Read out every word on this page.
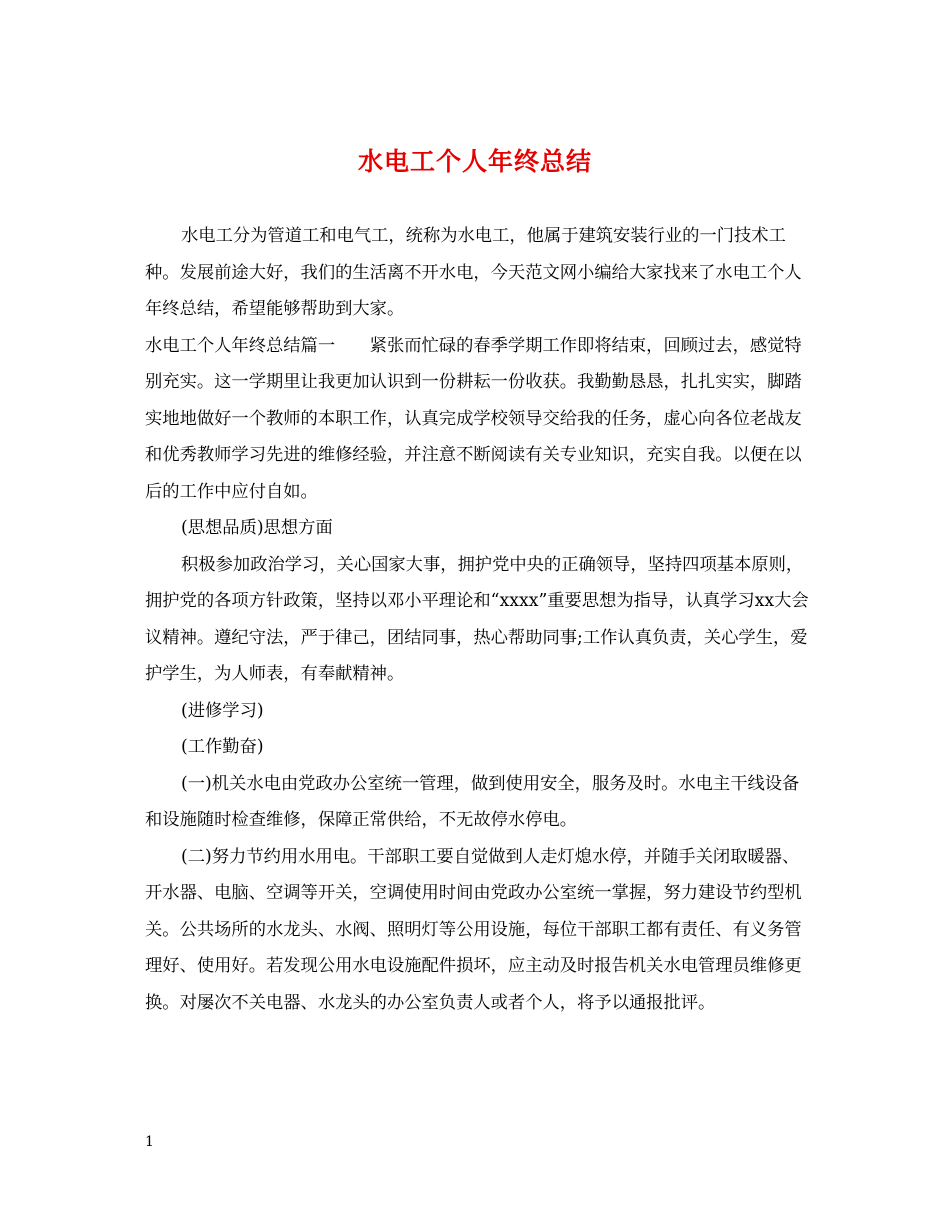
水电工个人年终总结

水电工分为管道工和电气工，统称为水电工，他属于建筑安装行业的一门技术工种。发展前途大好，我们的生活离不开水电，今天范文网小编给大家找来了水电工个人年终总结，希望能够帮助到大家。

水电工个人年终总结篇一　　紧张而忙碌的春季学期工作即将结束，回顾过去，感觉特别充实。这一学期里让我更加认识到一份耕耘一份收获。我勤勤恳恳，扎扎实实，脚踏实地地做好一个教师的本职工作，认真完成学校领导交给我的任务，虚心向各位老战友和优秀教师学习先进的维修经验，并注意不断阅读有关专业知识，充实自我。以便在以后的工作中应付自如。

(思想品质)思想方面

积极参加政治学习，关心国家大事，拥护党中央的正确领导，坚持四项基本原则，拥护党的各项方针政策，坚持以邓小平理论和“xxxx”重要思想为指导，认真学习xx大会议精神。遵纪守法，严于律己，团结同事，热心帮助同事;工作认真负责，关心学生，爱护学生，为人师表，有奉献精神。

(进修学习)

(工作勤奋)

(一)机关水电由党政办公室统一管理，做到使用安全，服务及时。水电主干线设备和设施随时检查维修，保障正常供给，不无故停水停电。

(二)努力节约用水用电。干部职工要自觉做到人走灯熄水停，并随手关闭取暖器、开水器、电脑、空调等开关，空调使用时间由党政办公室统一掌握，努力建设节约型机关。公共场所的水龙头、水阀、照明灯等公用设施，每位干部职工都有责任、有义务管理好、使用好。若发现公用水电设施配件损坏，应主动及时报告机关水电管理员维修更换。对屡次不关电器、水龙头的办公室负责人或者个人，将予以通报批评。

1
